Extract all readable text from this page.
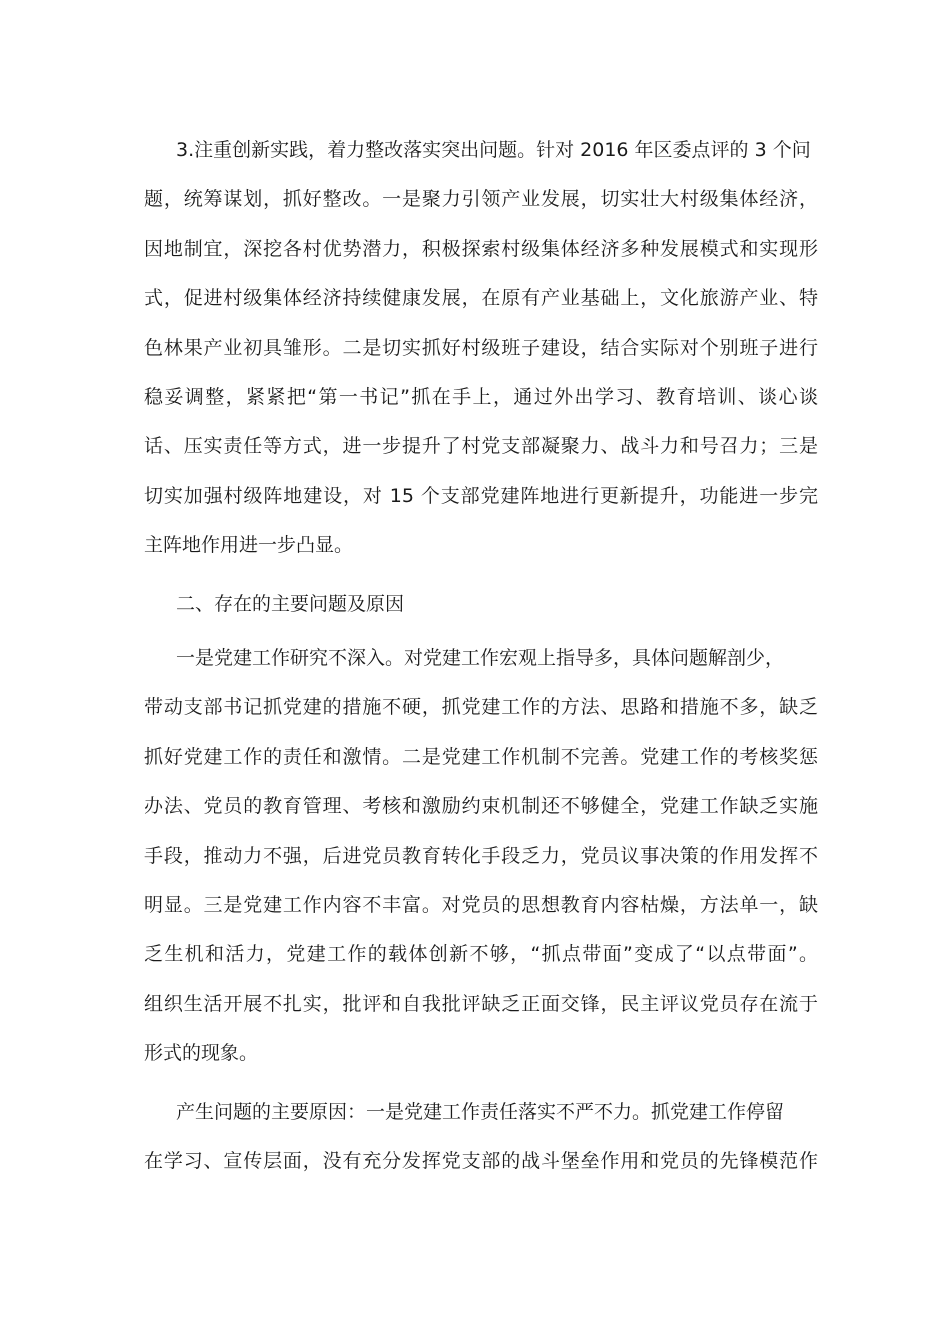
3.注重创新实践，着力整改落实突出问题。针对 2016 年区委点评的 3 个问
题，统筹谋划，抓好整改。一是聚力引领产业发展，切实壮大村级集体经济，
因地制宜，深挖各村优势潜力，积极探索村级集体经济多种发展模式和实现形
式，促进村级集体经济持续健康发展，在原有产业基础上，文化旅游产业、特
色林果产业初具雏形。二是切实抓好村级班子建设，结合实际对个别班子进行
稳妥调整，紧紧把“第一书记”抓在手上，通过外出学习、教育培训、谈心谈
话、压实责任等方式，进一步提升了村党支部凝聚力、战斗力和号召力；三是
切实加强村级阵地建设，对 15 个支部党建阵地进行更新提升，功能进一步完
主阵地作用进一步凸显。
二、存在的主要问题及原因
一是党建工作研究不深入。对党建工作宏观上指导多，具体问题解剖少，
带动支部书记抓党建的措施不硬，抓党建工作的方法、思路和措施不多，缺乏
抓好党建工作的责任和激情。二是党建工作机制不完善。党建工作的考核奖惩
办法、党员的教育管理、考核和激励约束机制还不够健全，党建工作缺乏实施
手段，推动力不强，后进党员教育转化手段乏力，党员议事决策的作用发挥不
明显。三是党建工作内容不丰富。对党员的思想教育内容枯燥，方法单一，缺
乏生机和活力，党建工作的载体创新不够，“抓点带面”变成了“以点带面”。
组织生活开展不扎实，批评和自我批评缺乏正面交锋，民主评议党员存在流于
形式的现象。
产生问题的主要原因：一是党建工作责任落实不严不力。抓党建工作停留
在学习、宣传层面，没有充分发挥党支部的战斗堡垒作用和党员的先锋模范作
